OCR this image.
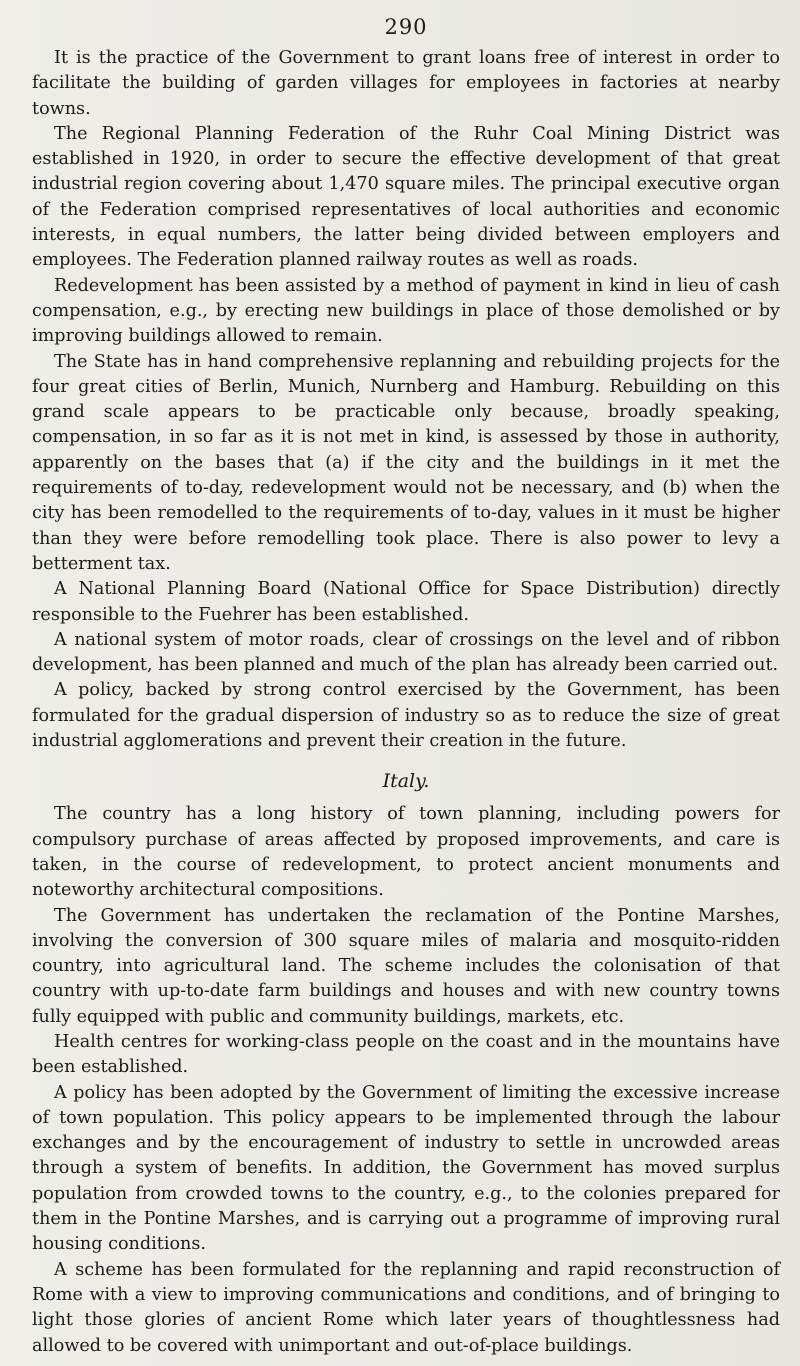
290

It is the practice of the Government to grant loans free of interest in order to facilitate the building of garden villages for employees in factories at nearby towns.

The Regional Planning Federation of the Ruhr Coal Mining District was established in 1920, in order to secure the effective development of that great industrial region covering about 1,470 square miles. The principal executive organ of the Federation comprised representatives of local authorities and economic interests, in equal numbers, the latter being divided between employers and employees. The Federation planned railway routes as well as roads.

Redevelopment has been assisted by a method of payment in kind in lieu of cash compensation, e.g., by erecting new buildings in place of those demolished or by improving buildings allowed to remain.

The State has in hand comprehensive replanning and rebuilding projects for the four great cities of Berlin, Munich, Nurnberg and Hamburg. Rebuilding on this grand scale appears to be practicable only because, broadly speaking, compensation, in so far as it is not met in kind, is assessed by those in authority, apparently on the bases that (a) if the city and the buildings in it met the requirements of to-day, redevelopment would not be necessary, and (b) when the city has been remodelled to the requirements of to-day, values in it must be higher than they were before remodelling took place. There is also power to levy a betterment tax.

A National Planning Board (National Office for Space Distribution) directly responsible to the Fuehrer has been established.

A national system of motor roads, clear of crossings on the level and of ribbon development, has been planned and much of the plan has already been carried out.

A policy, backed by strong control exercised by the Government, has been formulated for the gradual dispersion of industry so as to reduce the size of great industrial agglomerations and prevent their creation in the future.

Italy.

The country has a long history of town planning, including powers for compulsory purchase of areas affected by proposed improvements, and care is taken, in the course of redevelopment, to protect ancient monuments and noteworthy architectural compositions.

The Government has undertaken the reclamation of the Pontine Marshes, involving the conversion of 300 square miles of malaria and mosquito-ridden country, into agricultural land. The scheme includes the colonisation of that country with up-to-date farm buildings and houses and with new country towns fully equipped with public and community buildings, markets, etc.

Health centres for working-class people on the coast and in the mountains have been established.

A policy has been adopted by the Government of limiting the excessive increase of town population. This policy appears to be implemented through the labour exchanges and by the encouragement of industry to settle in uncrowded areas through a system of benefits. In addition, the Government has moved surplus population from crowded towns to the country, e.g., to the colonies prepared for them in the Pontine Marshes, and is carrying out a programme of improving rural housing conditions.

A scheme has been formulated for the replanning and rapid reconstruction of Rome with a view to improving communications and conditions, and of bringing to light those glories of ancient Rome which later years of thoughtlessness had allowed to be covered with unimportant and out-of-place buildings.
